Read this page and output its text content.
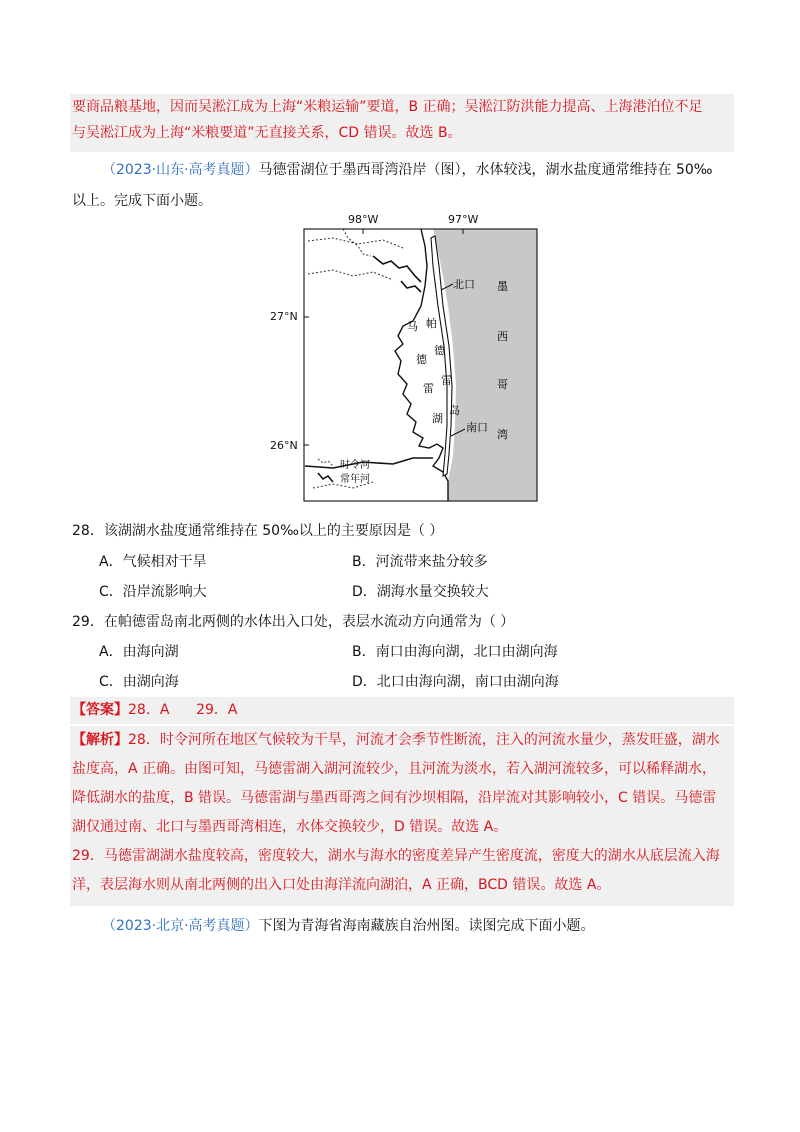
要商品粮基地，因而吴淞江成为上海“米粮运输”要道，B 正确；吴淞江防洪能力提高、上海港泊位不足
与吴淞江成为上海“米粮要道”无直接关系，CD 错误。故选 B。
（2023·山东·高考真题）马德雷湖位于墨西哥湾沿岸（图），水体较浅，湖水盐度通常维持在 50‰
以上。完成下面小题。
北口
南口
墨
西
哥
湾
马
德
雷
湖
帕
德
雷
岛
时令河
常年河
98°W	97°W
27°N
26°N
28．该湖湖水盐度通常维持在 50‰以上的主要原因是（ ）
A．气候相对干旱	B．河流带来盐分较多
C．沿岸流影响大	D．湖海水量交换较大
29．在帕德雷岛南北两侧的水体出入口处，表层水流动方向通常为（ ）
A．由海向湖	B．南口由海向湖，北口由湖向海
C．由湖向海	D．北口由海向湖，南口由湖向海
【答案】28．A      29．A
【解析】28．时令河所在地区气候较为干旱，河流才会季节性断流，注入的河流水量少，蒸发旺盛，湖水
盐度高，A 正确。由图可知，马德雷湖入湖河流较少，且河流为淡水，若入湖河流较多，可以稀释湖水，
降低湖水的盐度，B 错误。马德雷湖与墨西哥湾之间有沙坝相隔，沿岸流对其影响较小，C 错误。马德雷
湖仅通过南、北口与墨西哥湾相连，水体交换较少，D 错误。故选 A。
29．马德雷湖湖水盐度较高，密度较大，湖水与海水的密度差异产生密度流，密度大的湖水从底层流入海
洋，表层海水则从南北两侧的出入口处由海洋流向湖泊，A 正确，BCD 错误。故选 A。
（2023·北京·高考真题）下图为青海省海南藏族自治州图。读图完成下面小题。
